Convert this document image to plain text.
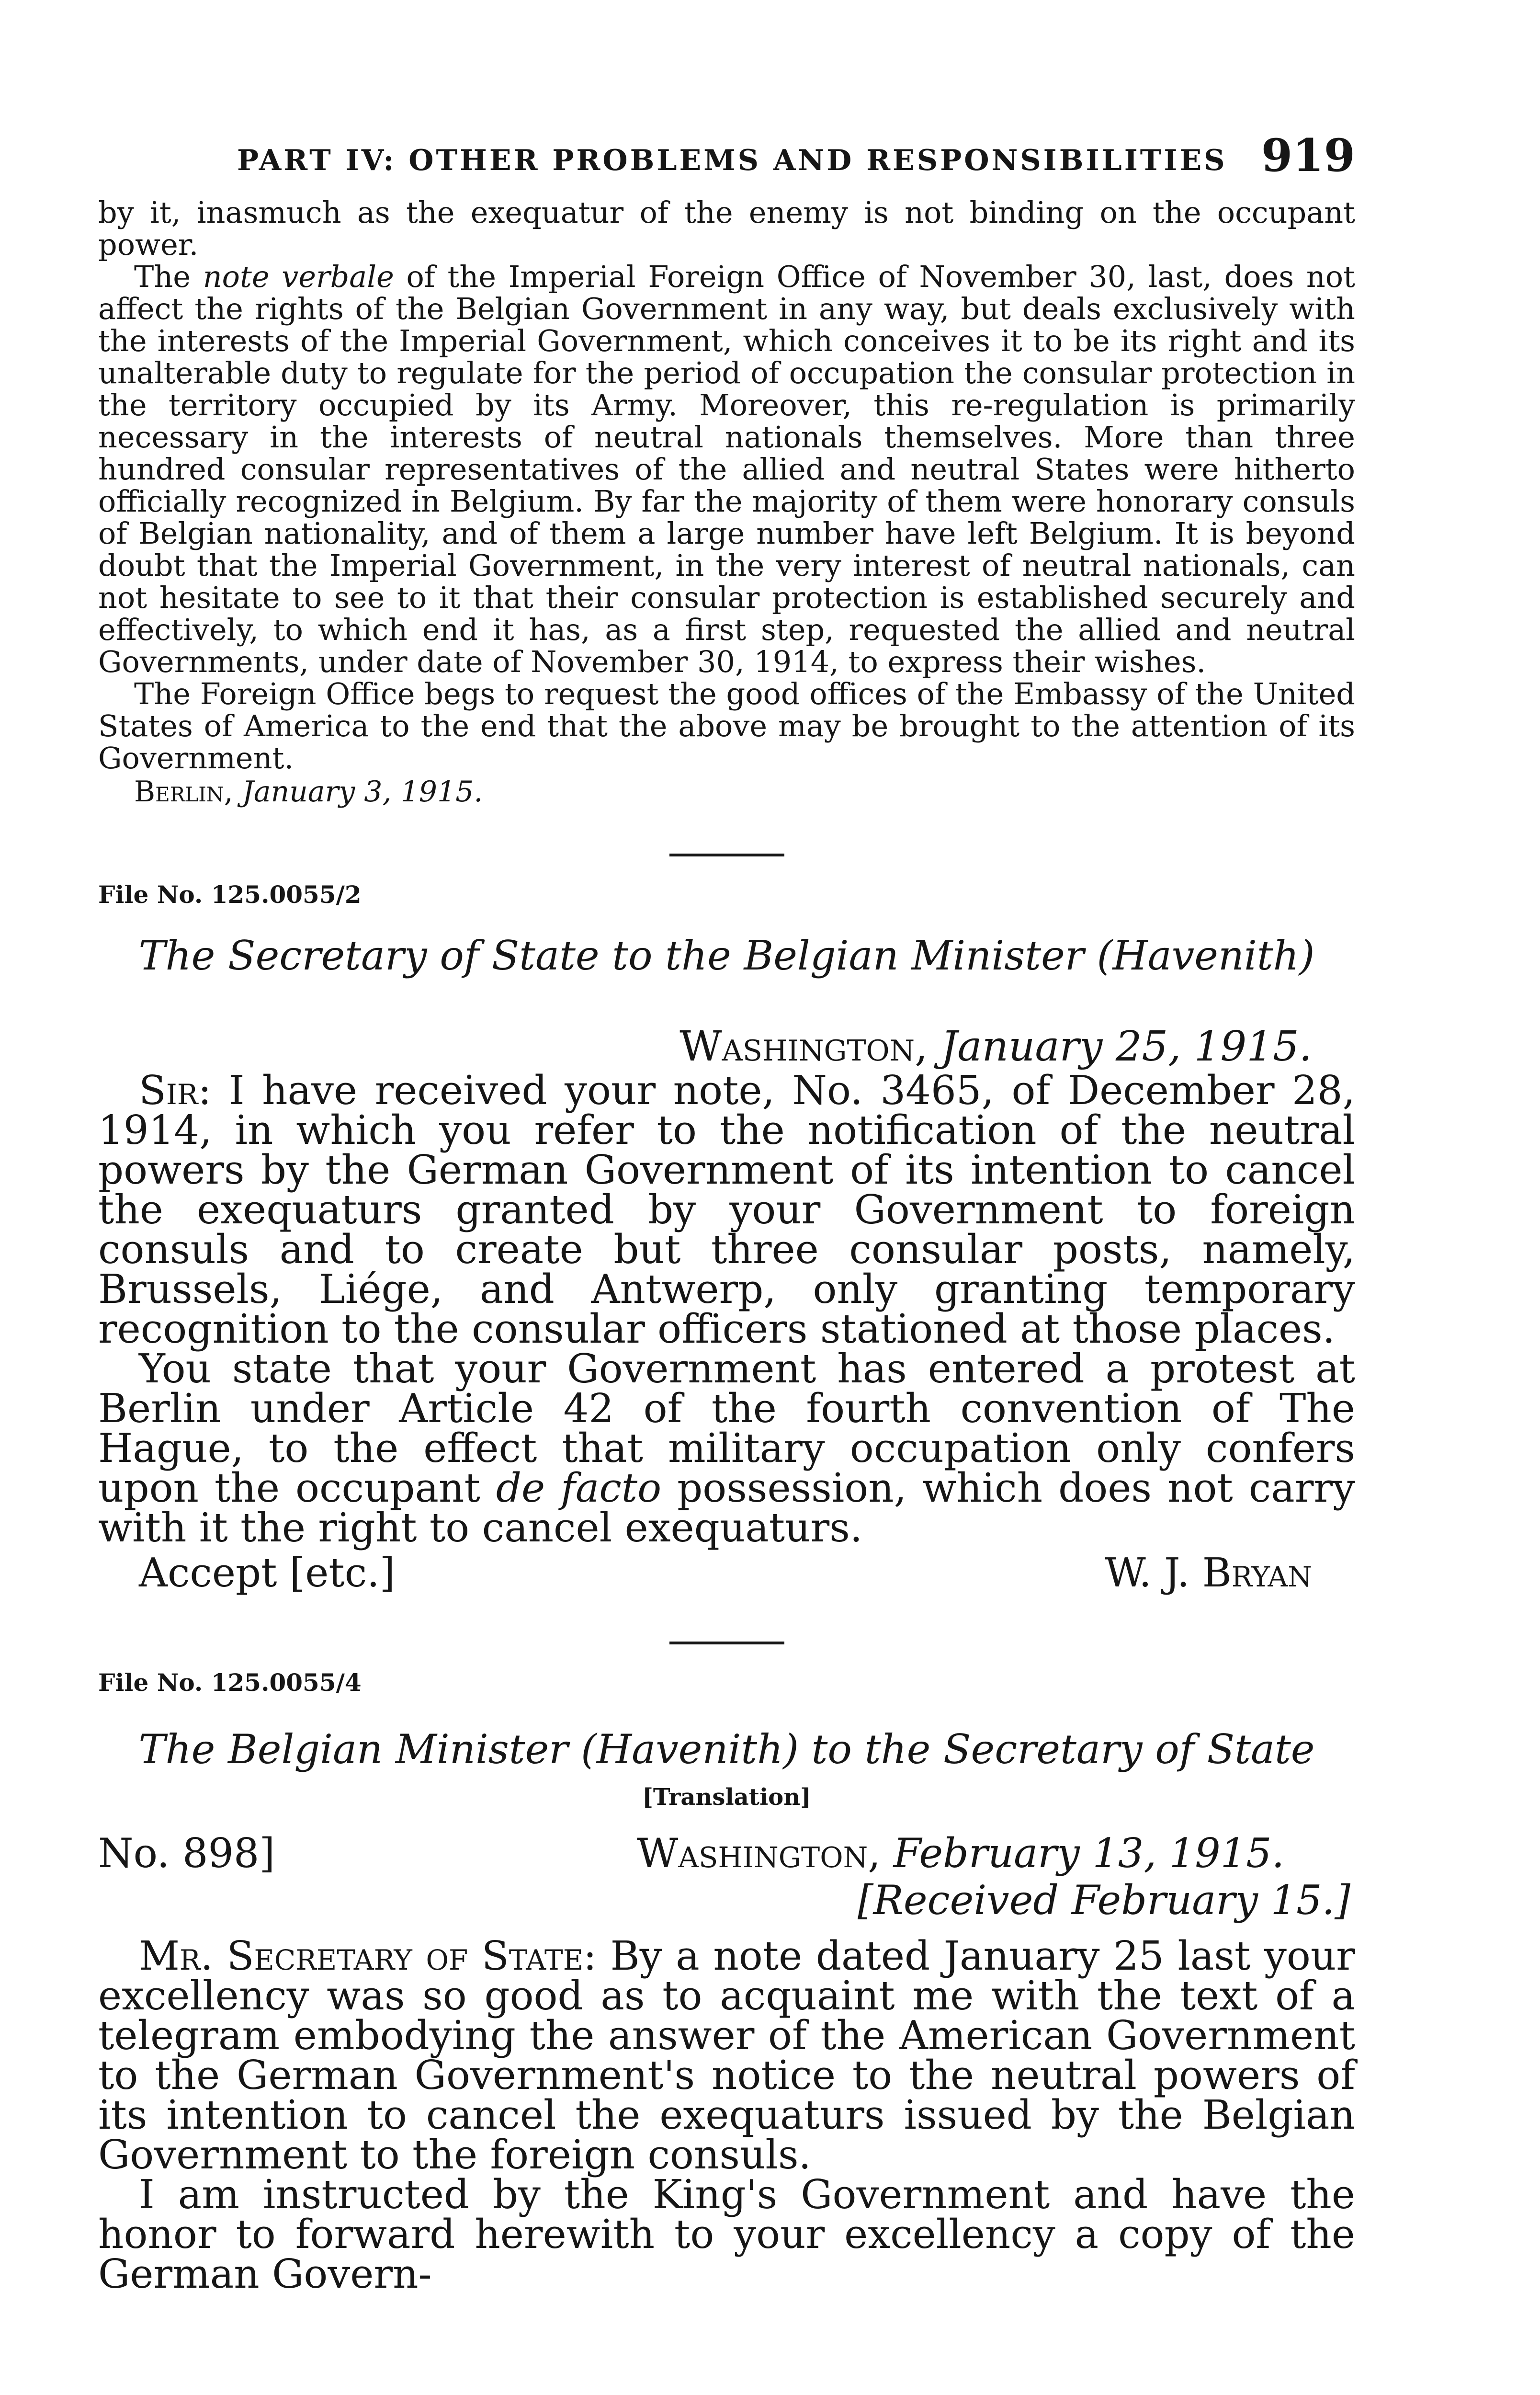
PART IV: OTHER PROBLEMS AND RESPONSIBILITIES 919

by it, inasmuch as the exequatur of the enemy is not binding on the occupant power.

The note verbale of the Imperial Foreign Office of November 30, last, does not affect the rights of the Belgian Government in any way, but deals exclusively with the interests of the Imperial Government, which conceives it to be its right and its unalterable duty to regulate for the period of occupation the consular protection in the territory occupied by its Army. Moreover, this re-regulation is primarily necessary in the interests of neutral nationals themselves. More than three hundred consular representatives of the allied and neutral States were hitherto officially recognized in Belgium. By far the majority of them were honorary consuls of Belgian nationality, and of them a large number have left Belgium. It is beyond doubt that the Imperial Government, in the very interest of neutral nationals, can not hesitate to see to it that their consular protection is established securely and effectively, to which end it has, as a first step, requested the allied and neutral Governments, under date of November 30, 1914, to express their wishes.

The Foreign Office begs to request the good offices of the Embassy of the United States of America to the end that the above may be brought to the attention of its Government.

Berlin, January 3, 1915.
File No. 125.0055/2
The Secretary of State to the Belgian Minister (Havenith)
Washington, January 25, 1915.

Sir: I have received your note, No. 3465, of December 28, 1914, in which you refer to the notification of the neutral powers by the German Government of its intention to cancel the exequaturs granted by your Government to foreign consuls and to create but three consular posts, namely, Brussels, Liége, and Antwerp, only granting temporary recognition to the consular officers stationed at those places.

You state that your Government has entered a protest at Berlin under Article 42 of the fourth convention of The Hague, to the effect that military occupation only confers upon the occupant de facto possession, which does not carry with it the right to cancel exequaturs.

Accept [etc.]	W. J. Bryan
File No. 125.0055/4
The Belgian Minister (Havenith) to the Secretary of State
[Translation]
No. 898]	Washington, February 13, 1915.
[Received February 15.]

Mr. Secretary of State: By a note dated January 25 last your excellency was so good as to acquaint me with the text of a telegram embodying the answer of the American Government to the German Government's notice to the neutral powers of its intention to cancel the exequaturs issued by the Belgian Government to the foreign consuls.

I am instructed by the King's Government and have the honor to forward herewith to your excellency a copy of the German Govern-
